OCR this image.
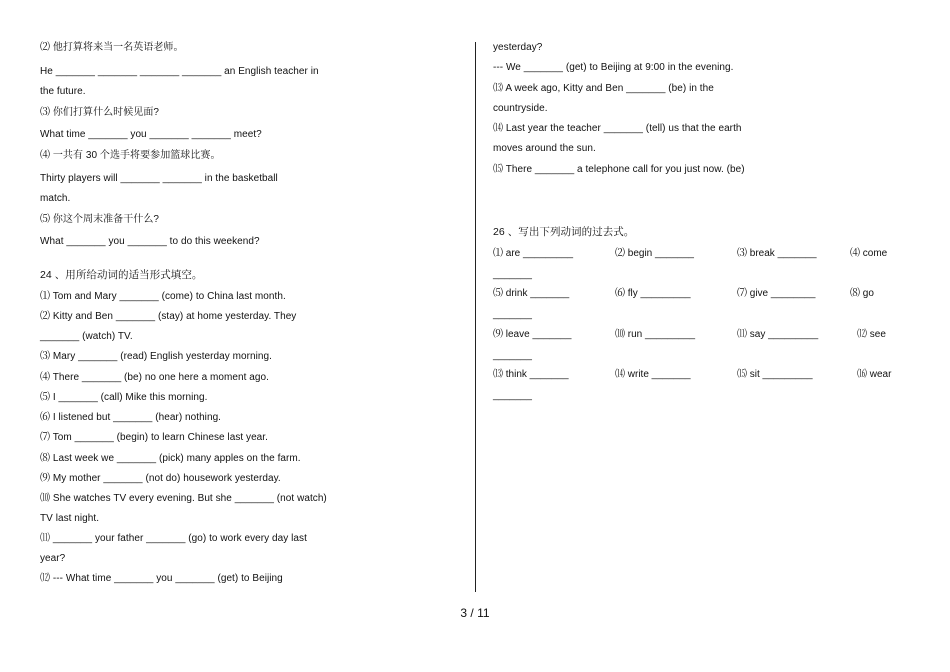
⑵ 他打算将来当一名英语老师。
He _______ _______ _______ _______ an English teacher in
the future.
⑶ 你们打算什么时候见面?
What time _______ you _______ _______ meet?
⑷ 一共有 30 个选手将要参加篮球比赛。
Thirty players will _______ _______ in the basketball
match.
⑸ 你这个周末准备干什么?
What _______ you _______ to do this weekend?
24 、用所给动词的适当形式填空。
⑴ Tom and Mary _______ (come) to China last month.
⑵ Kitty and Ben _______ (stay) at home yesterday. They
_______ (watch) TV.
⑶ Mary _______ (read) English yesterday morning.
⑷ There _______ (be) no one here a moment ago.
⑸ I _______ (call) Mike this morning.
⑹ I listened but _______ (hear) nothing.
⑺ Tom _______ (begin) to learn Chinese last year.
⑻ Last week we _______ (pick) many apples on the farm.
⑼ My mother _______ (not do) housework yesterday.
⑽ She watches TV every evening. But she _______ (not watch)
TV last night.
⑾ _______ your father _______ (go) to work every day last
year?
⑿ --- What time _______ you _______ (get) to Beijing
yesterday?
--- We _______ (get) to Beijing at 9:00 in the evening.
⒀ A week ago, Kitty and Ben _______ (be) in the
countryside.
⒁ Last year the teacher _______ (tell) us that the earth
moves around the sun.
⒂ There _______ a telephone call for you just now. (be)
26 、写出下列动词的过去式。
⑴ are _________	⑵ begin _______	⑶ break _______	⑷ come
_______
⑸ drink _______	⑹ fly _________	⑺ give ________	⑻ go
_______
⑼ leave _______	⑽ run _________	⑾ say _________	⑿ see
_______
⒀ think _______	⒁ write _______	⒂ sit _________	⒃ wear
_______
3 / 11
